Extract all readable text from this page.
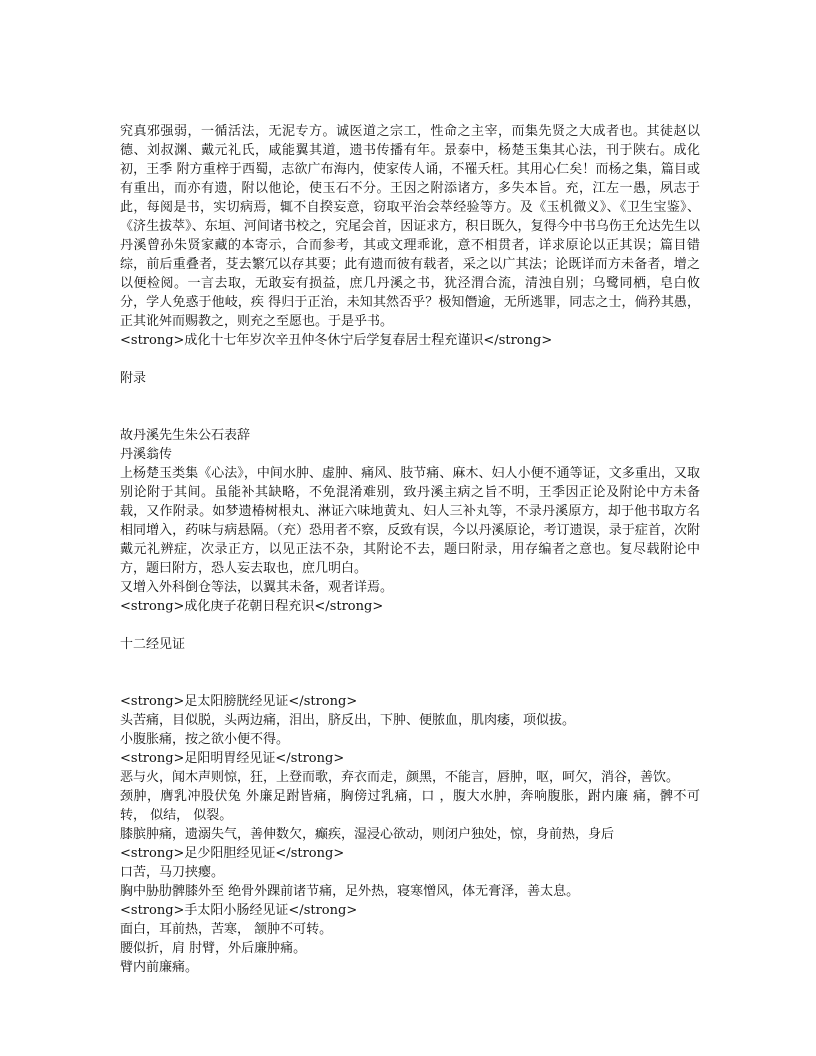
究真邪强弱，一循活法，无泥专方。诚医道之宗工，性命之主宰，而集先贤之大成者也。其徒赵以德、刘叔渊、戴元礼氏，咸能翼其道，遗书传播有年。景泰中，杨楚玉集其心法，刊于陕右。成化初，王季 附方重梓于西蜀，志欲广布海内，使家传人诵，不罹夭枉。其用心仁矣！而杨之集，篇目或有重出，而亦有遗，附以他论，使玉石不分。王因之附添诸方，多失本旨。充，江左一愚，夙志于此，每阅是书，实切病焉，辄不自揆妄意，窃取平治会萃经验等方。及《玉机微义》、《卫生宝鉴》、《济生拔萃》、东垣、河间诸书校之，究尾会首，因证求方，积日既久，复得今中书乌伤王允达先生以丹溪曾孙朱贤家藏的本寄示，合而参考，其或文理乖讹，意不相贯者，详求原论以正其误；篇目错综，前后重叠者，芟去繁冗以存其要；此有遗而彼有载者，采之以广其法；论既详而方未备者，增之以便检阅。一言去取，无敢妄有损益，庶几丹溪之书，犹泾渭合流，清浊自别；乌鹭同栖，皂白攸分，学人免惑于他岐，疾 得归于正治，未知其然否乎？极知僭逾，无所逃罪，同志之士，倘矜其愚，正其讹舛而赐教之，则充之至愿也。于是乎书。

<strong>成化十七年岁次辛丑仲冬休宁后学复春居士程充谨识</strong>

附录

故丹溪先生朱公石表辞

丹溪翁传

上杨楚玉类集《心法》，中间水肿、虚肿、痛风、肢节痛、麻木、妇人小便不通等证，文多重出，又取别论附于其间。虽能补其缺略，不免混淆难别，致丹溪主病之旨不明，王季因正论及附论中方未备载，又作附录。如梦遗椿树根丸、淋证六味地黄丸、妇人三补丸等，不录丹溪原方，却于他书取方名相同增入，药味与病悬隔。（充）恐用者不察，反致有误，今以丹溪原论，考订遗误，录于症首，次附戴元礼辨症，次录正方，以见正法不杂，其附论不去，题曰附录，用存编者之意也。复尽载附论中方，题曰附方，恐人妄去取也，庶几明白。

又增入外科倒仓等法，以翼其未备，观者详焉。

<strong>成化庚子花朝日程充识</strong>

十二经见证

<strong>足太阳膀胱经见证</strong>

头苦痛，目似脱，头两边痛，泪出，脐反出，下肿、便脓血，肌肉痿，项似拔。

小腹胀痛，按之欲小便不得。

<strong>足阳明胃经见证</strong>

恶与火，闻木声则惊，狂，上登而歌，弃衣而走，颜黑，不能言，唇肿，呕，呵欠，消谷，善饮。

颈肿，膺乳冲股伏兔 外廉足跗皆痛，胸傍过乳痛，口 ，腹大水肿，奔响腹胀，跗内廉 痛，髀不可转， 似结， 似裂。

膝膑肿痛，遗溺失气，善伸数欠，癫疾，湿浸心欲动，则闭户独处，惊，身前热，身后

<strong>足少阳胆经见证</strong>

口苦，马刀挟瘿。

胸中胁肋髀膝外至 绝骨外踝前诸节痛，足外热，寝寒憎风，体无膏泽，善太息。

<strong>手太阳小肠经见证</strong>

面白，耳前热，苦寒， 颔肿不可转。

腰似折，肩 肘臂，外后廉肿痛。

臂内前廉痛。
